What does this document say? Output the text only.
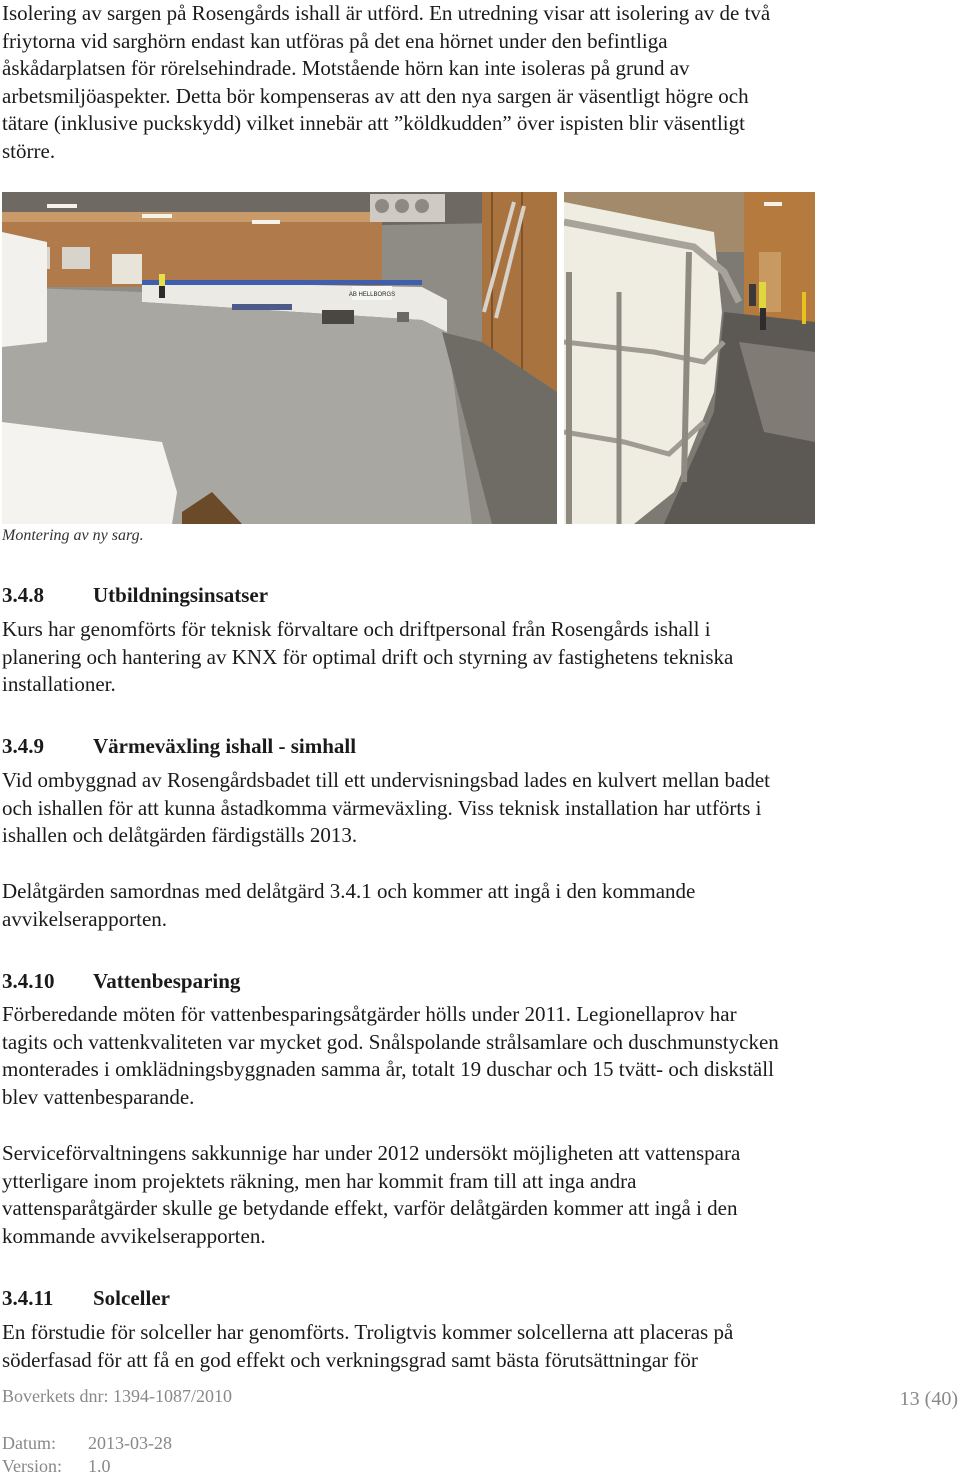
Isolering av sargen på Rosengårds ishall är utförd. En utredning visar att isolering av de två
friytorna vid sarghörn endast kan utföras på det ena hörnet under den befintliga
åskådarplatsen för rörelsehindrade. Motstående hörn kan inte isoleras på grund av
arbetsmiljöaspekter. Detta bör kompenseras av att den nya sargen är väsentligt högre och
tätare (inklusive puckskydd) vilket innebär att ”köldkudden” över ispisten blir väsentligt
större.
AB HELLBORGS
Montering av ny sarg.
3.4.8 Utbildningsinsatser
Kurs har genomförts för teknisk förvaltare och driftpersonal från Rosengårds ishall i
planering och hantering av KNX för optimal drift och styrning av fastighetens tekniska
installationer.
3.4.9 Värmeväxling ishall - simhall
Vid ombyggnad av Rosengårdsbadet till ett undervisningsbad lades en kulvert mellan badet
och ishallen för att kunna åstadkomma värmeväxling. Viss teknisk installation har utförts i
ishallen och delåtgärden färdigställs 2013.
Delåtgärden samordnas med delåtgärd 3.4.1 och kommer att ingå i den kommande
avvikelserapporten.
3.4.10 Vattenbesparing
Förberedande möten för vattenbesparingsåtgärder hölls under 2011. Legionellaprov har
tagits och vattenkvaliteten var mycket god. Snålspolande strålsamlare och duschmunstycken
monterades i omklädningsbyggnaden samma år, totalt 19 duschar och 15 tvätt- och diskställ
blev vattenbesparande.
Serviceförvaltningens sakkunnige har under 2012 undersökt möjligheten att vattenspara
ytterligare inom projektets räkning, men har kommit fram till att inga andra
vattensparåtgärder skulle ge betydande effekt, varför delåtgärden kommer att ingå i den
kommande avvikelserapporten.
3.4.11 Solceller
En förstudie för solceller har genomförts. Troligtvis kommer solcellerna att placeras på
söderfasad för att få en god effekt och verkningsgrad samt bästa förutsättningar för
Boverkets dnr: 1394-1087/2010	13 (40)
Datum: 2013-03-28
Version: 1.0
